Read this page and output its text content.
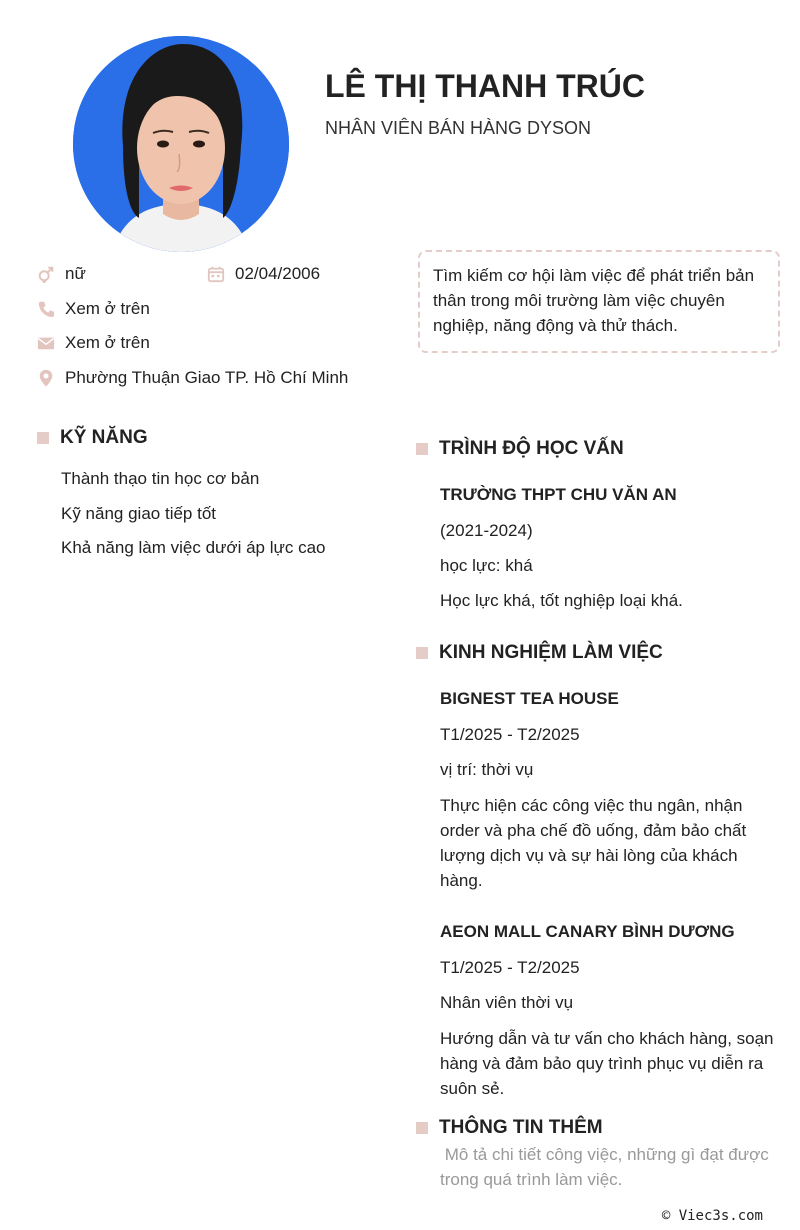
LÊ THỊ THANH TRÚC
NHÂN VIÊN BÁN HÀNG DYSON
nữ	02/04/2006
Xem ở trên
Xem ở trên
Phường Thuận Giao TP. Hồ Chí Minh
Tìm kiếm cơ hội làm việc để phát triển bản thân trong môi trường làm việc chuyên nghiệp, năng động và thử thách.
KỸ NĂNG
Thành thạo tin học cơ bản
Kỹ năng giao tiếp tốt
Khả năng làm việc dưới áp lực cao
TRÌNH ĐỘ HỌC VẤN
TRƯỜNG THPT CHU VĂN AN
(2021-2024)
học lực: khá
Học lực khá, tốt nghiệp loại khá.
KINH NGHIỆM LÀM VIỆC
BIGNEST TEA HOUSE
T1/2025 - T2/2025
vị trí: thời vụ
Thực hiện các công việc thu ngân, nhận order và pha chế đồ uống, đảm bảo chất lượng dịch vụ và sự hài lòng của khách hàng.
AEON MALL CANARY BÌNH DƯƠNG
T1/2025 - T2/2025
Nhân viên thời vụ
Hướng dẫn và tư vấn cho khách hàng, soạn hàng và đảm bảo quy trình phục vụ diễn ra suôn sẻ.
THÔNG TIN THÊM
Mô tả chi tiết công việc, những gì đạt được trong quá trình làm việc.
© Viec3s.com
